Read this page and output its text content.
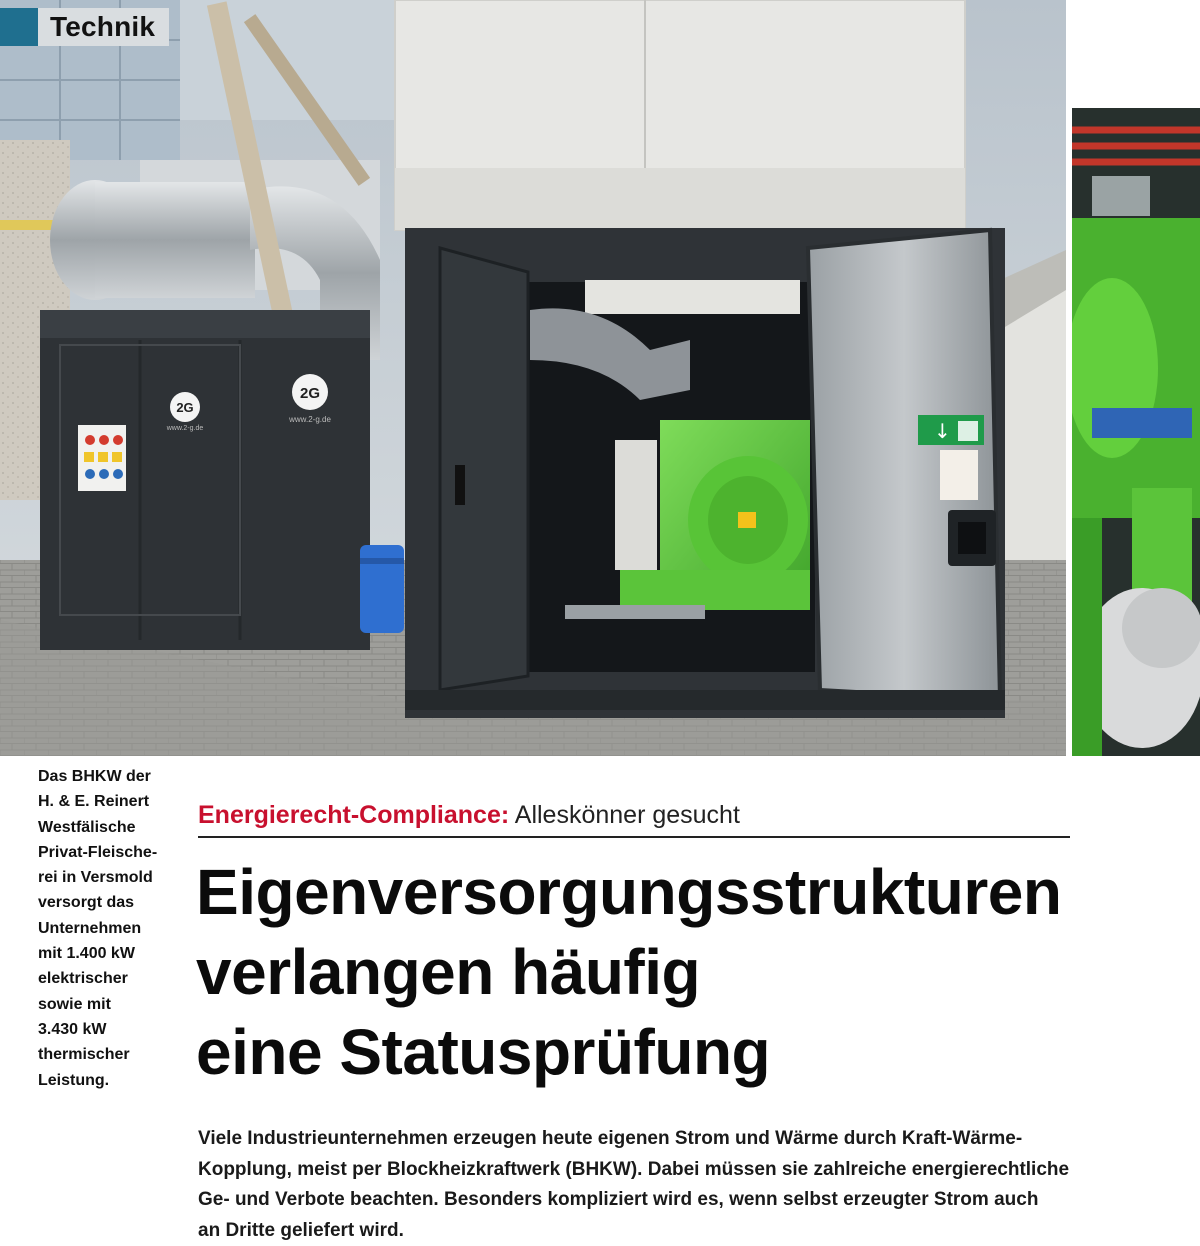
2G
2G
www.2-g.de
www.2-g.de	↓
Technik
Das BHKW der
H. & E. Reinert
Westfälische
Privat-Fleische-
rei in Versmold
versorgt das
Unternehmen
mit 1.400 kW
elektrischer
sowie mit
3.430 kW
thermischer
Leistung.
Energierecht-Compliance: Alleskönner gesucht
Eigenversorgungsstrukturen
verlangen häufig
eine Statusprüfung
Viele Industrieunternehmen erzeugen heute eigenen Strom und Wärme durch Kraft-Wärme-
Kopplung, meist per Blockheizkraftwerk (BHKW). Dabei müssen sie zahlreiche energierechtliche
Ge- und Verbote beachten. Besonders kompliziert wird es, wenn selbst erzeugter Strom auch
an Dritte geliefert wird.
